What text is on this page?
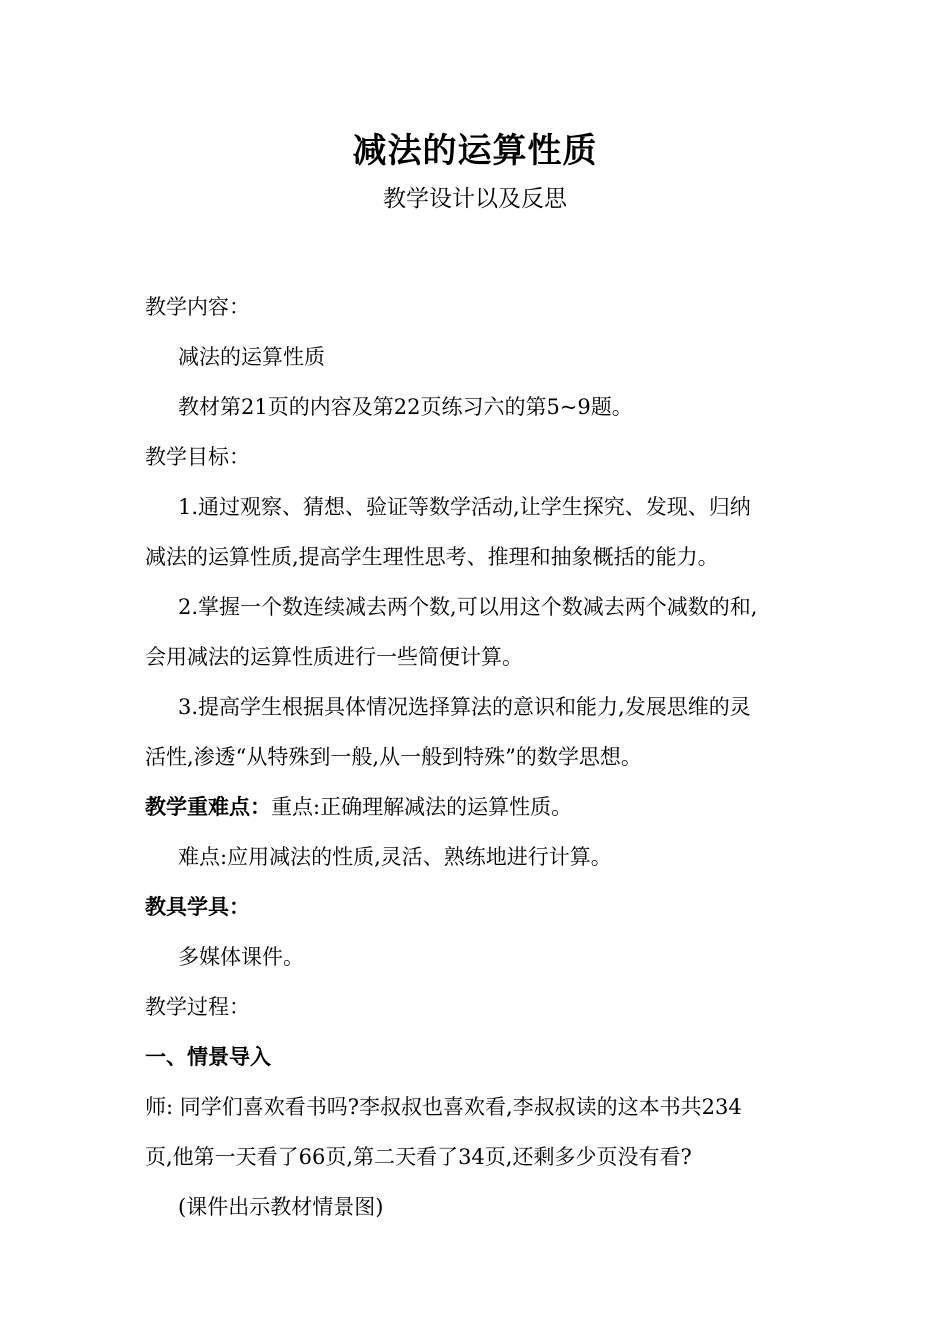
减法的运算性质
教学设计以及反思
教学内容：
减法的运算性质
教材第21页的内容及第22页练习六的第5~9题。
教学目标：
1.通过观察、猜想、验证等数学活动,让学生探究、发现、归纳
减法的运算性质,提高学生理性思考、推理和抽象概括的能力。
2.掌握一个数连续减去两个数,可以用这个数减去两个减数的和,
会用减法的运算性质进行一些简便计算。
3.提高学生根据具体情况选择算法的意识和能力,发展思维的灵
活性,渗透“从特殊到一般,从一般到特殊”的数学思想。
教学重难点：重点:正确理解减法的运算性质。
难点:应用减法的性质,灵活、熟练地进行计算。
教具学具：
多媒体课件。
教学过程：
一、情景导入
师: 同学们喜欢看书吗?李叔叔也喜欢看,李叔叔读的这本书共234
页,他第一天看了66页,第二天看了34页,还剩多少页没有看?
(课件出示教材情景图)
